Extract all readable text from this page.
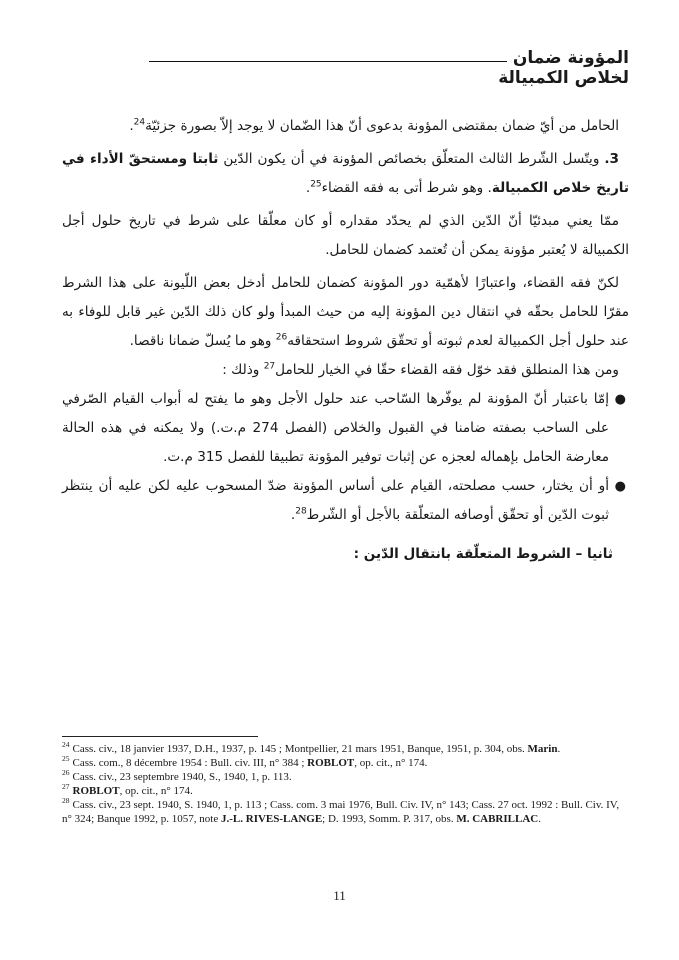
المؤونة ضمان
لخلاص الكمبيالة

الحامل من أيّ ضمان بمقتضى المؤونة بدعوى أنّ هذا الضّمان لا يوجد إلاّ بصورة جزئيّة$^{24}$.

3. ويتّسل الشّرط الثالث المتعلّق بخصائص المؤونة في أن يكون الدّين ثابتا ومستحقّ الأداء في تاريخ خلاص الكمبيالة. وهو شرط أتى به فقه القضاء$^{25}$.

ممّا يعني مبدئيّا أنّ الدّين الذي لم يحدّد مقداره أو كان معلّقا على شرط في تاريخ حلول أجل الكمبيالة لا يُعتبر مؤونة يمكن أن تُعتمد كضمان للحامل.

لكنّ فقه القضاء، واعتبارًا لأهمّية دور المؤونة كضمان للحامل أدخل بعض اللّيونة على هذا الشرط مقرّا للحامل بحقّه في انتقال دين المؤونة إليه من حيث المبدأ ولو كان ذلك الدّين غير قابل للوفاء به عند حلول أجل الكمبيالة لعدم ثبوته أو تحقّق شروط استحقاقه$^{26}$ وهو ما يُسلّ ضمانا ناقصا.

ومن هذا المنطلق فقد خوّل فقه القضاء حقّا في الخيار للحامل$^{27}$ وذلك :

●
إمّا باعتبار أنّ المؤونة لم يوفّرها السّاحب عند حلول الأجل وهو ما يفتح له أبواب القيام الصّرفي على الساحب بصفته ضامنا في القبول والخلاص (الفصل 274 م.ت.) ولا يمكنه في هذه الحالة معارضة الحامل بإهماله لعجزه عن إثبات توفير المؤونة تطبيقا للفصل 315 م.ت.
●
أو أن يختار، حسب مصلحته، القيام على أساس المؤونة ضدّ المسحوب عليه لكن عليه أن ينتظر ثبوت الدّين أو تحقّق أوصافه المتعلّقة بالأجل أو الشّرط$^{28}$.

ثانيا – الشروط المتعلّقة بانتقال الدّين :

$^{24}$ Cass. civ., 18 janvier 1937, D.H., 1937, p. 145 ; Montpellier, 21 mars 1951, Banque, 1951, p. 304, obs. Marin.

$^{25}$ Cass. com., 8 décembre 1954 : Bull. civ. III, n° 384 ; ROBLOT, op. cit., n° 174.

$^{26}$ Cass. civ., 23 septembre 1940, S., 1940, 1, p. 113.

$^{27}$ ROBLOT, op. cit., n° 174.

$^{28}$ Cass. civ., 23 sept. 1940, S. 1940, 1, p. 113 ; Cass. com. 3 mai 1976, Bull. Civ. IV, n° 143; Cass. 27 oct. 1992 : Bull. Civ. IV, n° 324; Banque 1992, p. 1057, note J.-L. RIVES-LANGE; D. 1993, Somm. P. 317, obs. M. CABRILLAC.

11
